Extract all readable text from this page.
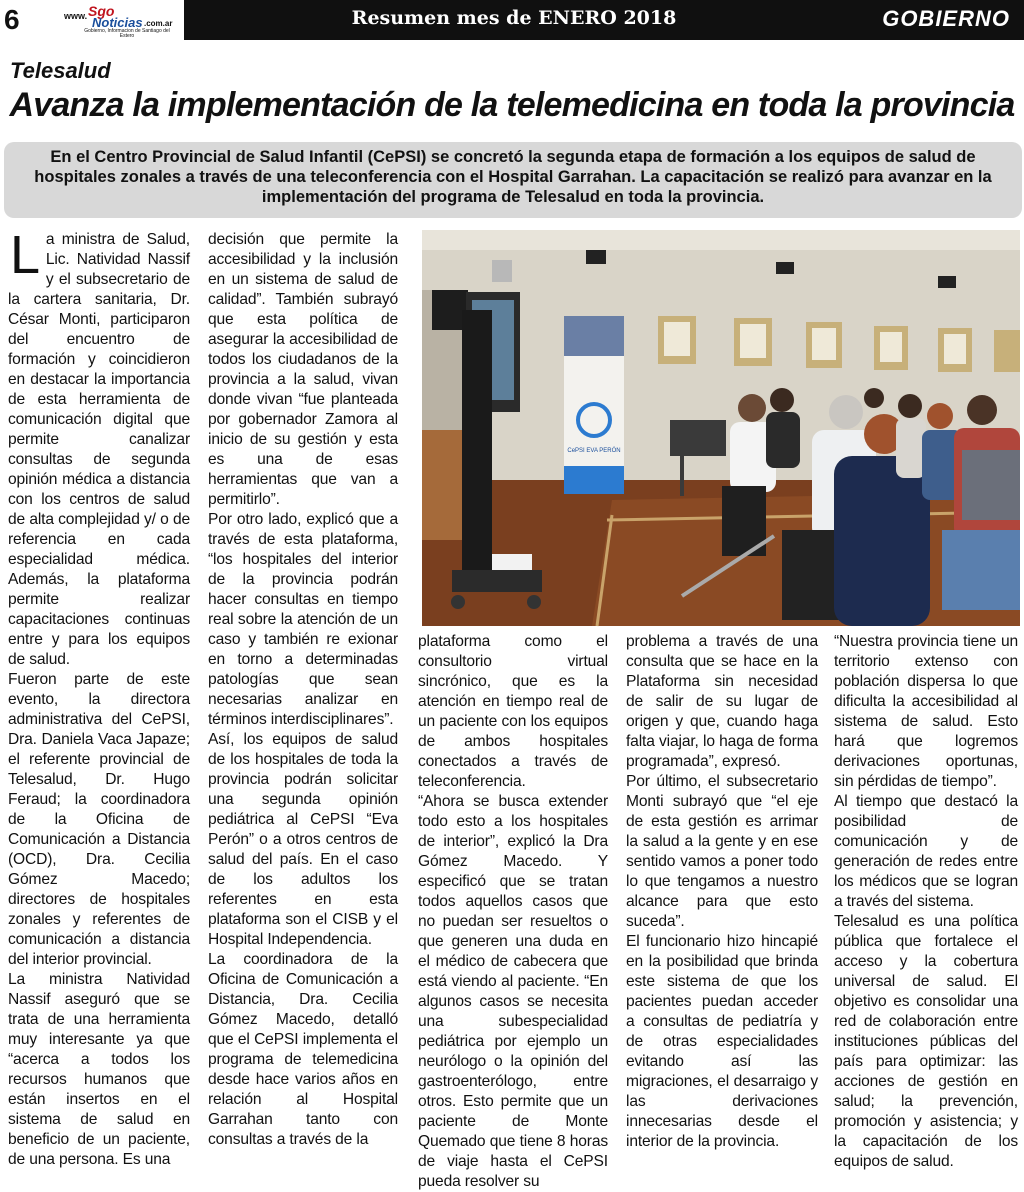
6	www. Sgo
Noticias .com.ar
Gobierno, Informacion de Santiago del Estero
Resumen mes de ENERO 2018	GOBIERNO
Telesalud
Avanza la implementación de la telemedicina en toda la provincia
En el Centro Provincial de Salud Infantil (CePSI) se concretó la segunda etapa de formación a los equipos de salud de hospitales zonales a través de una teleconferencia con el Hospital Garrahan. La capacitación se realizó para avanzar en la implementación del programa de Telesalud en toda la provincia.

La ministra de Salud, Lic. Natividad Nassif y el subsecretario de la cartera sanitaria, Dr. César Monti, participaron del encuentro de formación y coincidieron en destacar la importancia de esta herramienta de comunicación digital que permite canalizar consultas de segunda opinión médica a distancia con los centros de salud de alta complejidad y/ o de referencia en cada especialidad médica. Además, la plataforma permite realizar capacitaciones continuas entre y para los equipos de salud.

Fueron parte de este evento, la directora administrativa del CePSI, Dra. Daniela Vaca Japaze; el referente provincial de Telesalud, Dr. Hugo Feraud; la coordinadora de la Oficina de Comunicación a Distancia (OCD), Dra. Cecilia Gómez Macedo; directores de hospitales zonales y referentes de comunicación a distancia del interior provincial.

La ministra Natividad Nassif aseguró que se trata de una herramienta muy interesante ya que “acerca a todos los recursos humanos que están insertos en el sistema de salud en beneficio de un paciente, de una persona. Es una

decisión que permite la accesibilidad y la inclusión en un sistema de salud de calidad”. También subrayó que esta política de asegurar la accesibilidad de todos los ciudadanos de la provincia a la salud, vivan donde vivan “fue planteada por gobernador Zamora al inicio de su gestión y esta es una de esas herramientas que van a permitirlo”.

Por otro lado, explicó que a través de esta plataforma, “los hospitales del interior de la provincia podrán hacer consultas en tiempo real sobre la atención de un caso y también re exionar en torno a determinadas patologías que sean necesarias analizar en términos interdisciplinares”.

Así, los equipos de salud de los hospitales de toda la provincia podrán solicitar una segunda opinión pediátrica al CePSI “Eva Perón” o a otros centros de salud del país. En el caso de los adultos los referentes en esta plataforma son el CISB y el Hospital Independencia.

La coordinadora de la Oficina de Comunicación a Distancia, Dra. Cecilia Gómez Macedo, detalló que el CePSI implementa el programa de telemedicina desde hace varios años en relación al Hospital Garrahan tanto con consultas a través de la

CePSI EVA PERÓN

plataforma como el consultorio virtual sincrónico, que es la atención en tiempo real de un paciente con los equipos de ambos hospitales conectados a través de teleconferencia.

“Ahora se busca extender todo esto a los hospitales de interior”, explicó la Dra Gómez Macedo. Y especificó que se tratan todos aquellos casos que no puedan ser resueltos o que generen una duda en el médico de cabecera que está viendo al paciente. “En algunos casos se necesita una subespecialidad pediátrica por ejemplo un neurólogo o la opinión del gastroenterólogo, entre otros. Esto permite que un paciente de Monte Quemado que tiene 8 horas de viaje hasta el CePSI pueda resolver su

problema a través de una consulta que se hace en la Plataforma sin necesidad de salir de su lugar de origen y que, cuando haga falta viajar, lo haga de forma programada”, expresó.

Por último, el subsecretario Monti subrayó que “el eje de esta gestión es arrimar la salud a la gente y en ese sentido vamos a poner todo lo que tengamos a nuestro alcance para que esto suceda”.

El funcionario hizo hincapié en la posibilidad que brinda este sistema de que los pacientes puedan acceder a consultas de pediatría y de otras especialidades evitando así las migraciones, el desarraigo y las derivaciones innecesarias desde el interior de la provincia.

“Nuestra provincia tiene un territorio extenso con población dispersa lo que dificulta la accesibilidad al sistema de salud. Esto hará que logremos derivaciones oportunas, sin pérdidas de tiempo”.

Al tiempo que destacó la posibilidad de comunicación y de generación de redes entre los médicos que se logran a través del sistema.

Telesalud es una política pública que fortalece el acceso y la cobertura universal de salud. El objetivo es consolidar una red de colaboración entre instituciones públicas del país para optimizar: las acciones de gestión en salud; la prevención, promoción y asistencia; y la capacitación de los equipos de salud.
